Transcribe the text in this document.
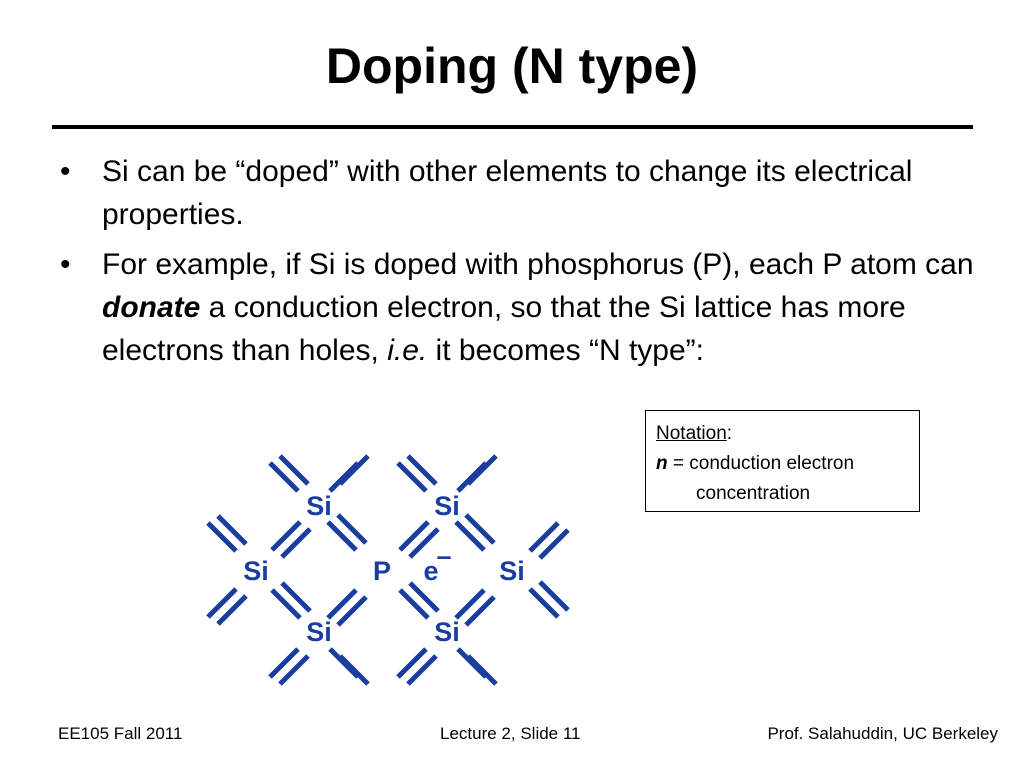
Doping (N type)
• Si can be “doped” with other elements to change its electrical properties.
• For example, if Si is doped with phosphorus (P), each P atom can donate a conduction electron, so that the Si lattice has more electrons than holes, i.e. it becomes “N type”:
Notation:
n = conduction electron
concentration
Si	Si
Si	P e
– Si
Si	Si
EE105 Fall 2011	Lecture 2, Slide 11	Prof. Salahuddin, UC Berkeley
